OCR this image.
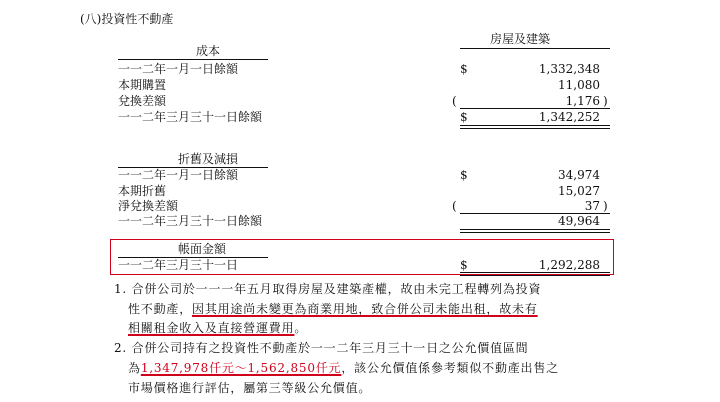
(八)投資性不動產
房屋及建築
成本
一一二年一月一日餘額	$	1,332,348
本期購置	11,080
兌換差額	(	1,176 )
一一二年三月三十一日餘額	$	1,342,252
折舊及減損
一一二年一月一日餘額	$	34,974
本期折舊	15,027
淨兌換差額	(	37 )
一一二年三月三十一日餘額	49,964
帳面金額
一一二年三月三十一日	$	1,292,288
1. 合併公司於一一一年五月取得房屋及建築產權，故由未完工程轉列為投資
性不動產，因其用途尚未變更為商業用地，致合併公司未能出租，故未有
相關租金收入及直接營運費用。
2. 合併公司持有之投資性不動產於一一二年三月三十一日之公允價值區間
為1,347,978仟元～1,562,850仟元，該公允價值係參考類似不動產出售之
市場價格進行評估，屬第三等級公允價值。
